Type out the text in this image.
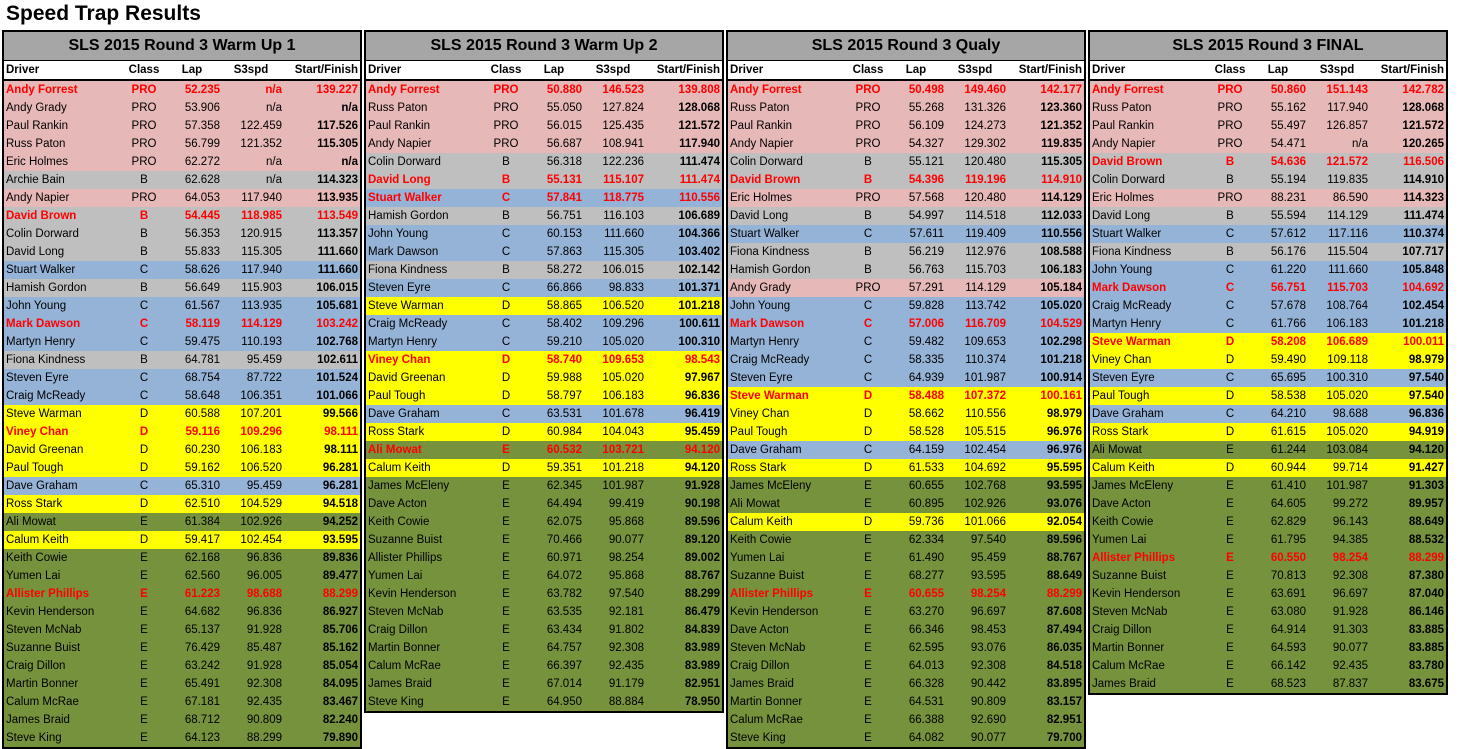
Speed Trap Results
SLS 2015 Round 3 Warm Up 1
Driver	Class	Lap	S3spd	Start/Finish
Andy Forrest	PRO	52.235	n/a	139.227
Andy Grady	PRO	53.906	n/a	n/a
Paul Rankin	PRO	57.358	122.459	117.526
Russ Paton	PRO	56.799	121.352	115.305
Eric Holmes	PRO	62.272	n/a	n/a
Archie Bain	B	62.628	n/a	114.323
Andy Napier	PRO	64.053	117.940	113.935
David Brown	B	54.445	118.985	113.549
Colin Dorward	B	56.353	120.915	113.357
David Long	B	55.833	115.305	111.660
Stuart Walker	C	58.626	117.940	111.660
Hamish Gordon	B	56.649	115.903	106.015
John Young	C	61.567	113.935	105.681
Mark Dawson	C	58.119	114.129	103.242
Martyn Henry	C	59.475	110.193	102.768
Fiona Kindness	B	64.781	95.459	102.611
Steven Eyre	C	68.754	87.722	101.524
Craig McReady	C	58.648	106.351	101.066
Steve Warman	D	60.588	107.201	99.566
Viney Chan	D	59.116	109.296	98.111
David Greenan	D	60.230	106.183	98.111
Paul Tough	D	59.162	106.520	96.281
Dave Graham	C	65.310	95.459	96.281
Ross Stark	D	62.510	104.529	94.518
Ali Mowat	E	61.384	102.926	94.252
Calum Keith	D	59.417	102.454	93.595
Keith Cowie	E	62.168	96.836	89.836
Yumen Lai	E	62.560	96.005	89.477
Allister Phillips	E	61.223	98.688	88.299
Kevin Henderson	E	64.682	96.836	86.927
Steven McNab	E	65.137	91.928	85.706
Suzanne Buist	E	76.429	85.487	85.162
Craig Dillon	E	63.242	91.928	85.054
Martin Bonner	E	65.491	92.308	84.095
Calum McRae	E	67.181	92.435	83.467
James Braid	E	68.712	90.809	82.240
Steve King	E	64.123	88.299	79.890
SLS 2015 Round 3 Warm Up 2
Driver	Class	Lap	S3spd	Start/Finish
Andy Forrest	PRO	50.880	146.523	139.808
Russ Paton	PRO	55.050	127.824	128.068
Paul Rankin	PRO	56.015	125.435	121.572
Andy Napier	PRO	56.687	108.941	117.940
Colin Dorward	B	56.318	122.236	111.474
David Long	B	55.131	115.107	111.474
Stuart Walker	C	57.841	118.775	110.556
Hamish Gordon	B	56.751	116.103	106.689
John Young	C	60.153	111.660	104.366
Mark Dawson	C	57.863	115.305	103.402
Fiona Kindness	B	58.272	106.015	102.142
Steven Eyre	C	66.866	98.833	101.371
Steve Warman	D	58.865	106.520	101.218
Craig McReady	C	58.402	109.296	100.611
Martyn Henry	C	59.210	105.020	100.310
Viney Chan	D	58.740	109.653	98.543
David Greenan	D	59.988	105.020	97.967
Paul Tough	D	58.797	106.183	96.836
Dave Graham	C	63.531	101.678	96.419
Ross Stark	D	60.984	104.043	95.459
Ali Mowat	E	60.532	103.721	94.120
Calum Keith	D	59.351	101.218	94.120
James McEleny	E	62.345	101.987	91.928
Dave Acton	E	64.494	99.419	90.198
Keith Cowie	E	62.075	95.868	89.596
Suzanne Buist	E	70.466	90.077	89.120
Allister Phillips	E	60.971	98.254	89.002
Yumen Lai	E	64.072	95.868	88.767
Kevin Henderson	E	63.782	97.540	88.299
Steven McNab	E	63.535	92.181	86.479
Craig Dillon	E	63.434	91.802	84.839
Martin Bonner	E	64.757	92.308	83.989
Calum McRae	E	66.397	92.435	83.989
James Braid	E	67.014	91.179	82.951
Steve King	E	64.950	88.884	78.950
SLS 2015 Round 3 Qualy
Driver	Class	Lap	S3spd	Start/Finish
Andy Forrest	PRO	50.498	149.460	142.177
Russ Paton	PRO	55.268	131.326	123.360
Paul Rankin	PRO	56.109	124.273	121.352
Andy Napier	PRO	54.327	129.302	119.835
Colin Dorward	B	55.121	120.480	115.305
David Brown	B	54.396	119.196	114.910
Eric Holmes	PRO	57.568	120.480	114.129
David Long	B	54.997	114.518	112.033
Stuart Walker	C	57.611	119.409	110.556
Fiona Kindness	B	56.219	112.976	108.588
Hamish Gordon	B	56.763	115.703	106.183
Andy Grady	PRO	57.291	114.129	105.184
John Young	C	59.828	113.742	105.020
Mark Dawson	C	57.006	116.709	104.529
Martyn Henry	C	59.482	109.653	102.298
Craig McReady	C	58.335	110.374	101.218
Steven Eyre	C	64.939	101.987	100.914
Steve Warman	D	58.488	107.372	100.161
Viney Chan	D	58.662	110.556	98.979
Paul Tough	D	58.528	105.515	96.976
Dave Graham	C	64.159	102.454	96.976
Ross Stark	D	61.533	104.692	95.595
James McEleny	E	60.655	102.768	93.595
Ali Mowat	E	60.895	102.926	93.076
Calum Keith	D	59.736	101.066	92.054
Keith Cowie	E	62.334	97.540	89.596
Yumen Lai	E	61.490	95.459	88.767
Suzanne Buist	E	68.277	93.595	88.649
Allister Phillips	E	60.655	98.254	88.299
Kevin Henderson	E	63.270	96.697	87.608
Dave Acton	E	66.346	98.453	87.494
Steven McNab	E	62.595	93.076	86.035
Craig Dillon	E	64.013	92.308	84.518
James Braid	E	66.328	90.442	83.895
Martin Bonner	E	64.531	90.809	83.157
Calum McRae	E	66.388	92.690	82.951
Steve King	E	64.082	90.077	79.700
SLS 2015 Round 3 FINAL
Driver	Class	Lap	S3spd	Start/Finish
Andy Forrest	PRO	50.860	151.143	142.782
Russ Paton	PRO	55.162	117.940	128.068
Paul Rankin	PRO	55.497	126.857	121.572
Andy Napier	PRO	54.471	n/a	120.265
David Brown	B	54.636	121.572	116.506
Colin Dorward	B	55.194	119.835	114.910
Eric Holmes	PRO	88.231	86.590	114.323
David Long	B	55.594	114.129	111.474
Stuart Walker	C	57.612	117.116	110.374
Fiona Kindness	B	56.176	115.504	107.717
John Young	C	61.220	111.660	105.848
Mark Dawson	C	56.751	115.703	104.692
Craig McReady	C	57.678	108.764	102.454
Martyn Henry	C	61.766	106.183	101.218
Steve Warman	D	58.208	106.689	100.011
Viney Chan	D	59.490	109.118	98.979
Steven Eyre	C	65.695	100.310	97.540
Paul Tough	D	58.538	105.020	97.540
Dave Graham	C	64.210	98.688	96.836
Ross Stark	D	61.615	105.020	94.919
Ali Mowat	E	61.244	103.084	94.120
Calum Keith	D	60.944	99.714	91.427
James McEleny	E	61.410	101.987	91.303
Dave Acton	E	64.605	99.272	89.957
Keith Cowie	E	62.829	96.143	88.649
Yumen Lai	E	61.795	94.385	88.532
Allister Phillips	E	60.550	98.254	88.299
Suzanne Buist	E	70.813	92.308	87.380
Kevin Henderson	E	63.691	96.697	87.040
Steven McNab	E	63.080	91.928	86.146
Craig Dillon	E	64.914	91.303	83.885
Martin Bonner	E	64.593	90.077	83.885
Calum McRae	E	66.142	92.435	83.780
James Braid	E	68.523	87.837	83.675
